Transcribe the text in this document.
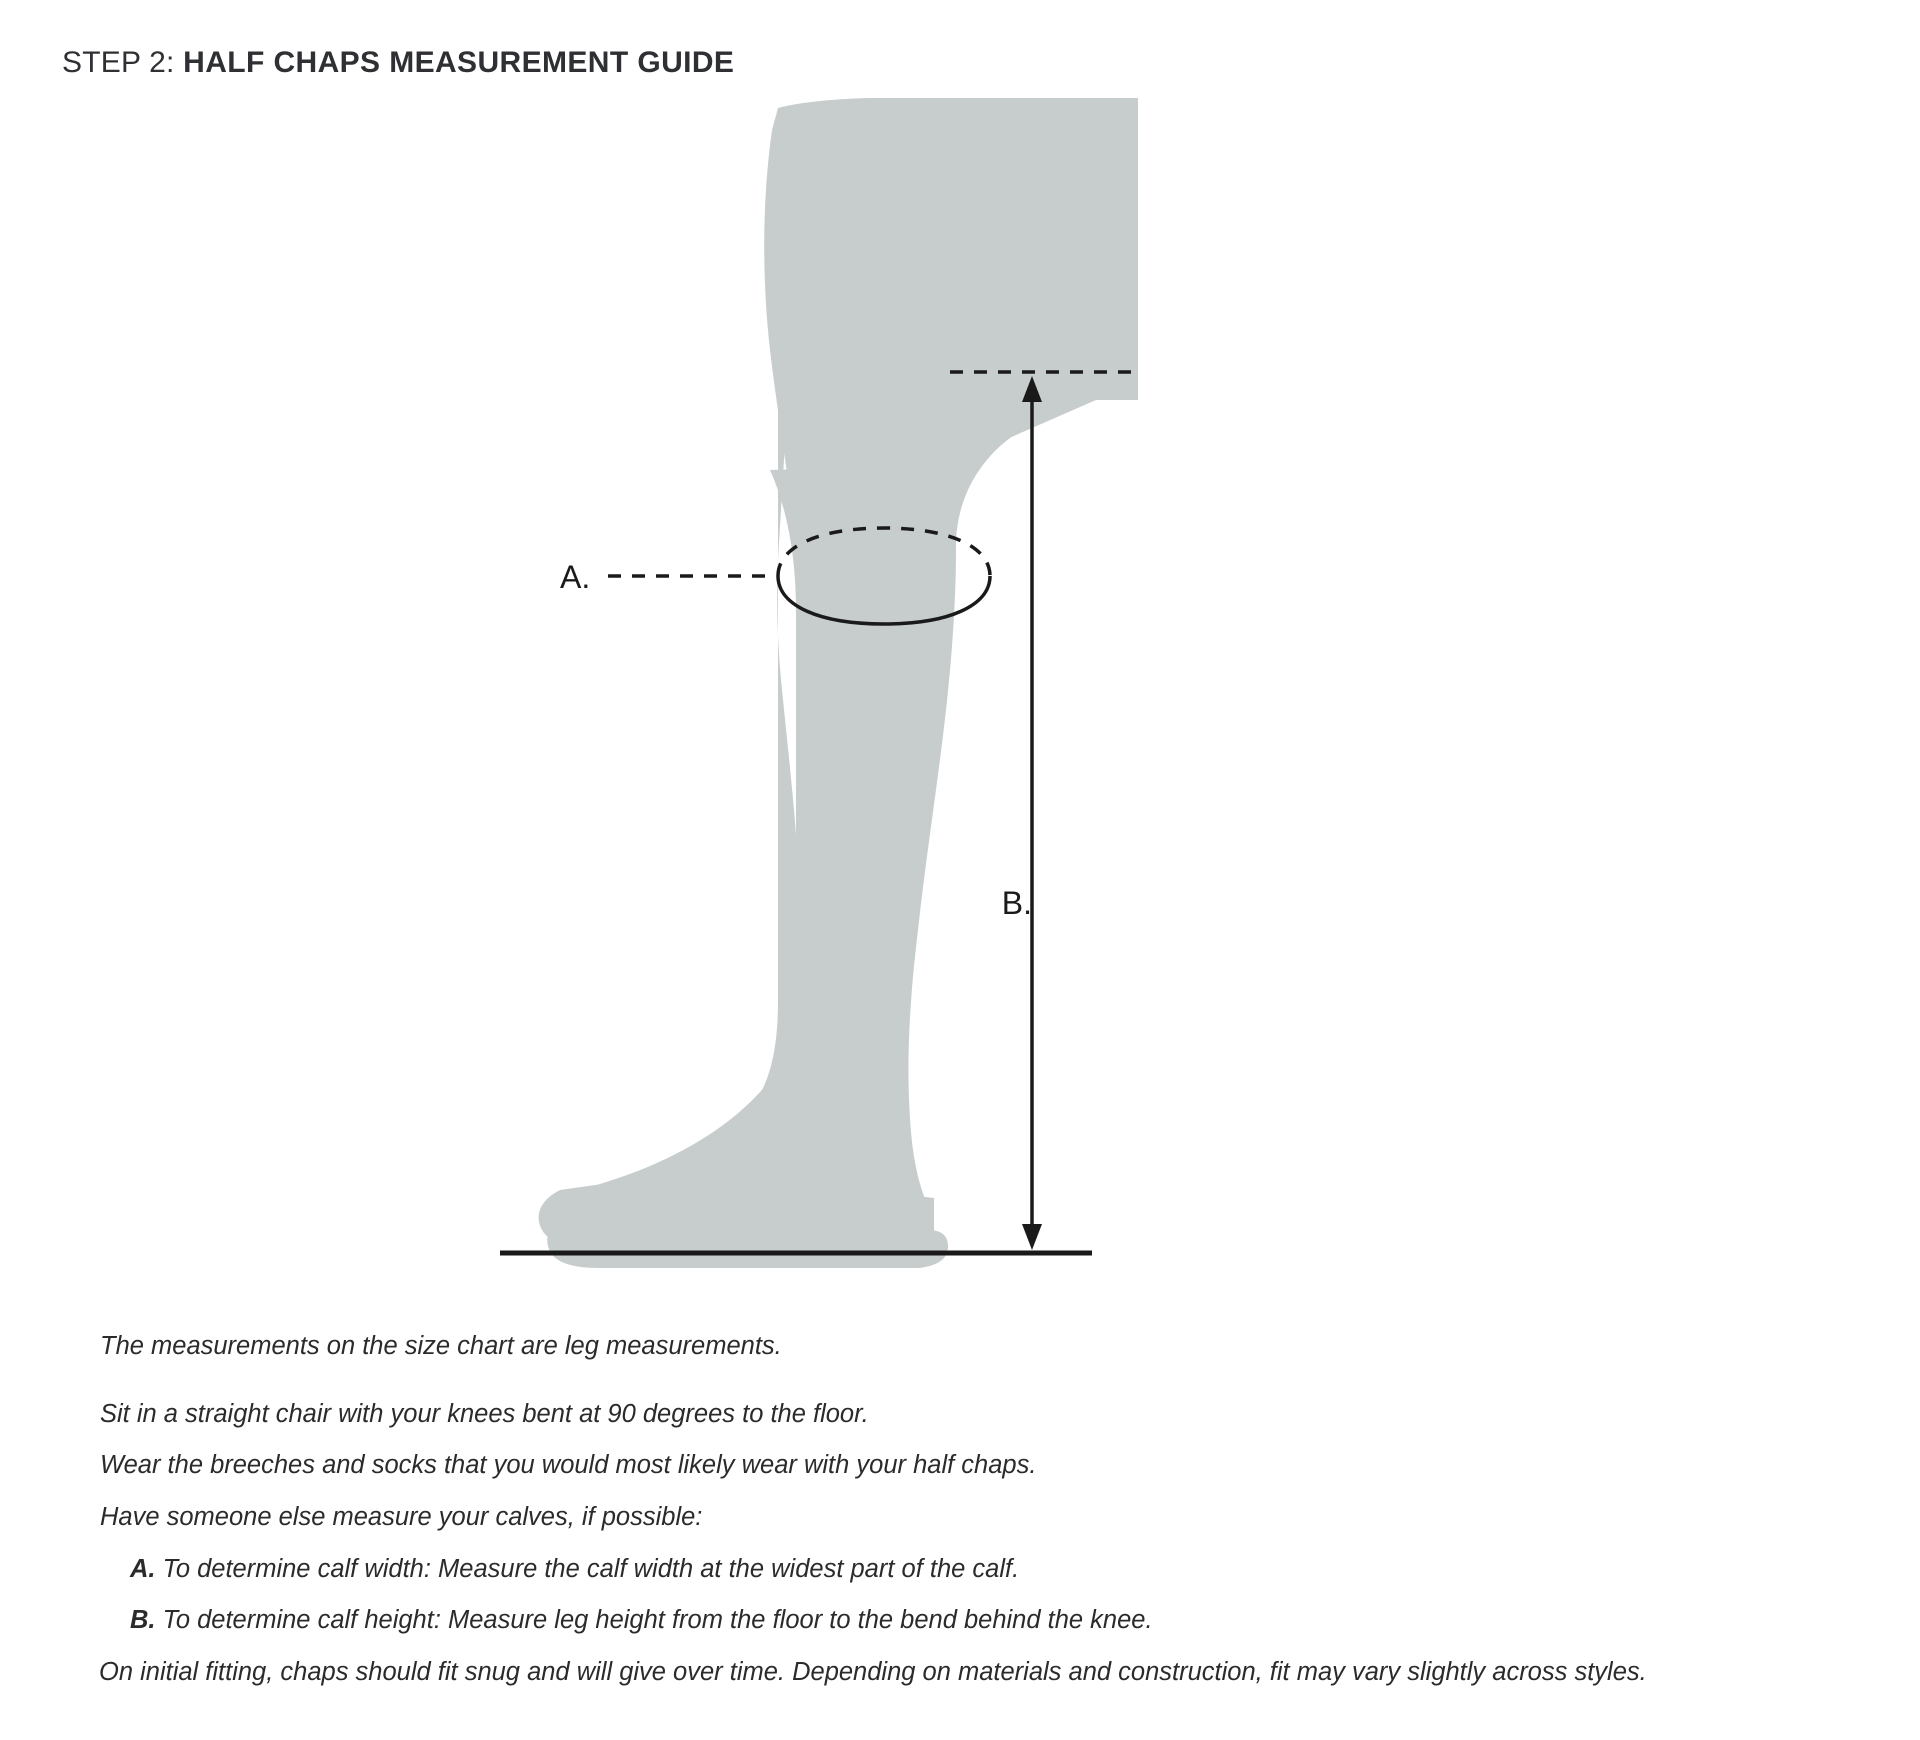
STEP 2: HALF CHAPS MEASUREMENT GUIDE
A.
B.

The measurements on the size chart are leg measurements.

Sit in a straight chair with your knees bent at 90 degrees to the floor.

Wear the breeches and socks that you would most likely wear with your half chaps.

Have someone else measure your calves, if possible:

A. To determine calf width: Measure the calf width at the widest part of the calf.

B. To determine calf height: Measure leg height from the floor to the bend behind the knee.

On initial fitting, chaps should fit snug and will give over time. Depending on materials and construction, fit may vary slightly across styles.
